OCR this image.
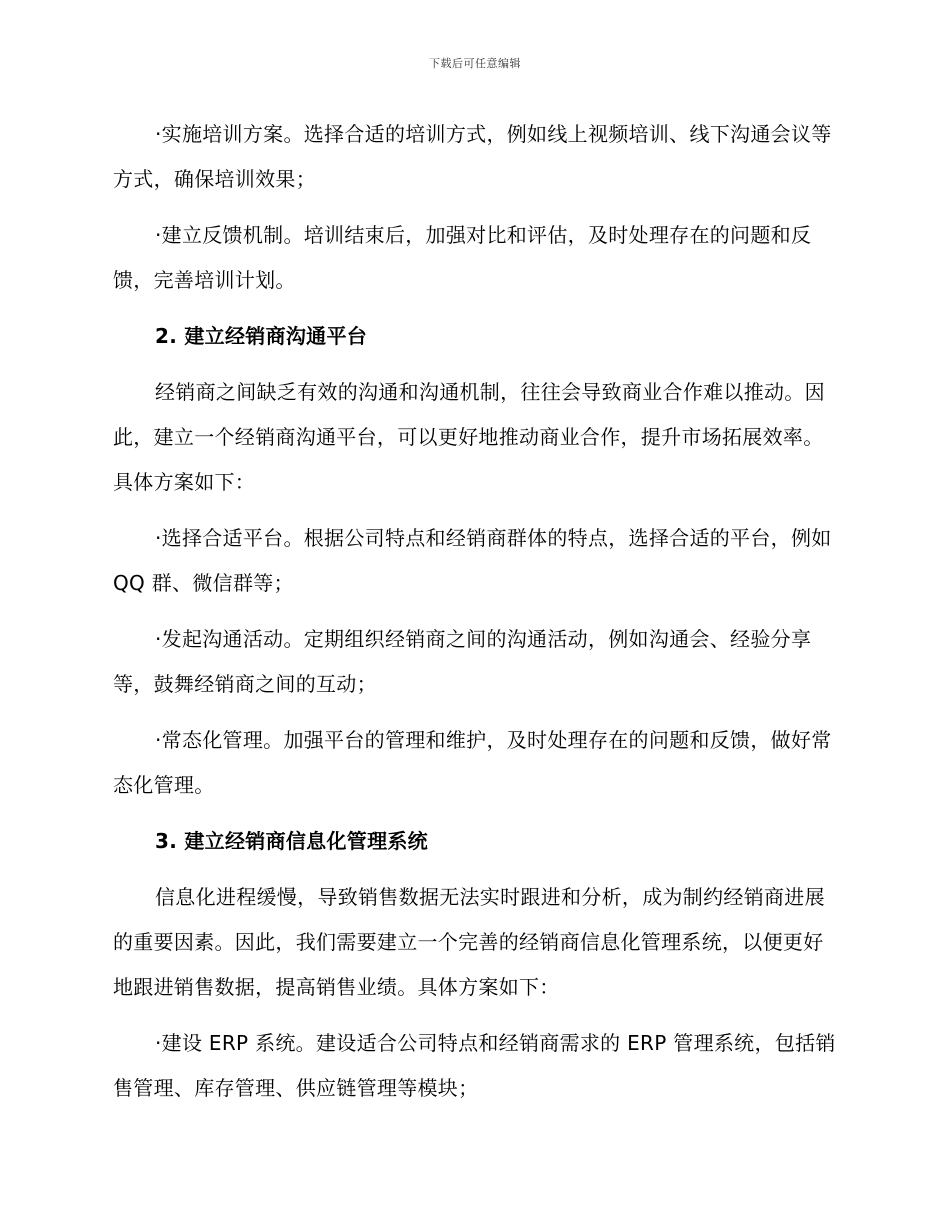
下载后可任意编辑

·实施培训方案。选择合适的培训方式，例如线上视频培训、线下沟通会议等方式，确保培训效果；

·建立反馈机制。培训结束后，加强对比和评估，及时处理存在的问题和反馈，完善培训计划。

2. 建立经销商沟通平台

经销商之间缺乏有效的沟通和沟通机制，往往会导致商业合作难以推动。因此，建立一个经销商沟通平台，可以更好地推动商业合作，提升市场拓展效率。具体方案如下：

·选择合适平台。根据公司特点和经销商群体的特点，选择合适的平台，例如 QQ 群、微信群等；

·发起沟通活动。定期组织经销商之间的沟通活动，例如沟通会、经验分享等，鼓舞经销商之间的互动；

·常态化管理。加强平台的管理和维护，及时处理存在的问题和反馈，做好常态化管理。

3. 建立经销商信息化管理系统

信息化进程缓慢，导致销售数据无法实时跟进和分析，成为制约经销商进展的重要因素。因此，我们需要建立一个完善的经销商信息化管理系统，以便更好地跟进销售数据，提高销售业绩。具体方案如下：

·建设 ERP 系统。建设适合公司特点和经销商需求的 ERP 管理系统，包括销售管理、库存管理、供应链管理等模块；
